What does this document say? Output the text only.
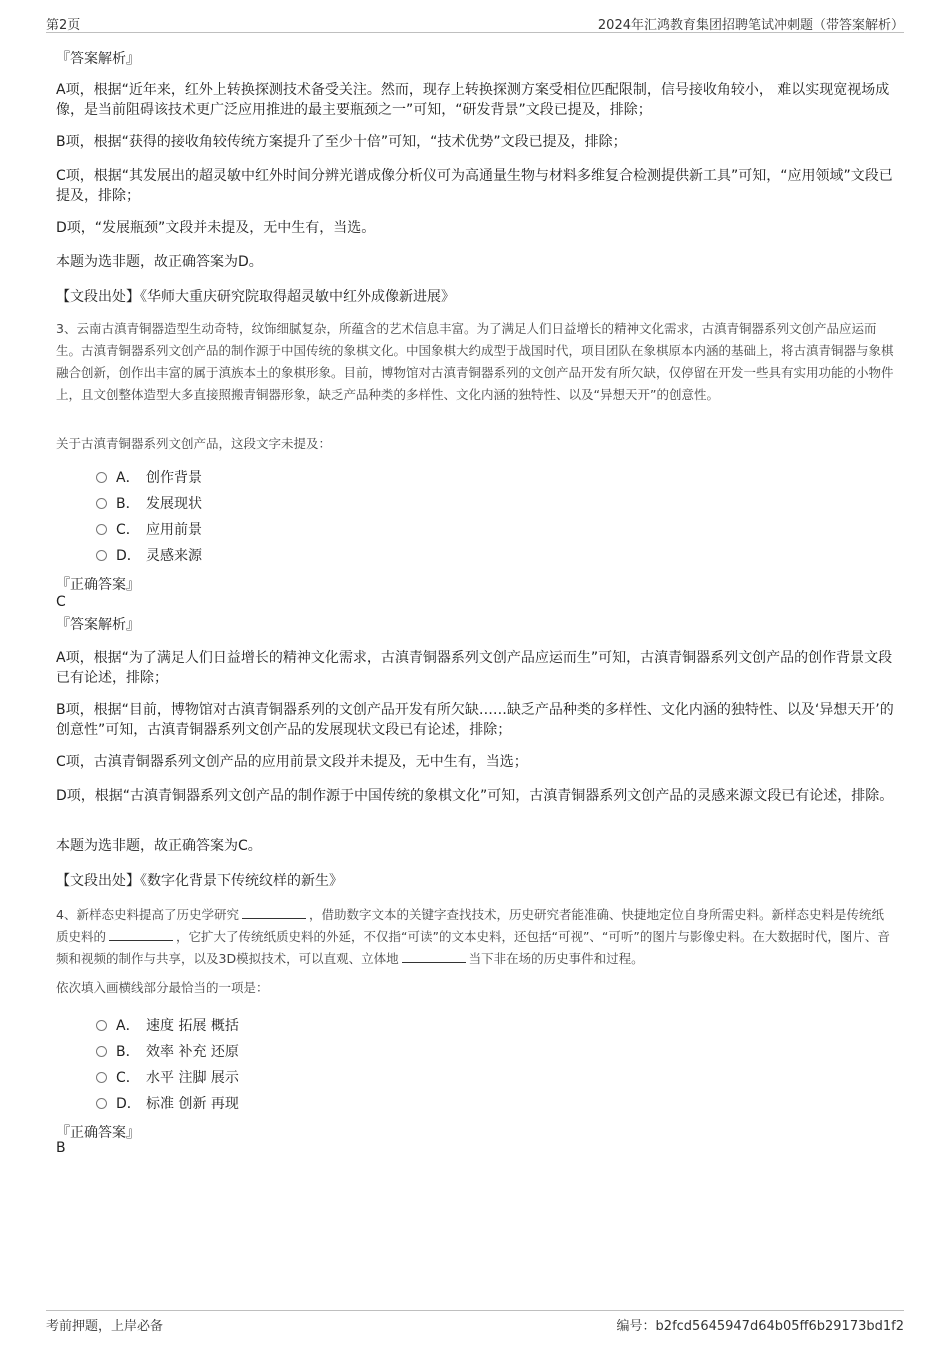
第2页	2024年汇鸿教育集团招聘笔试冲刺题（带答案解析）
『答案解析』
A项，根据“近年来，红外上转换探测技术备受关注。然而，现存上转换探测方案受相位匹配限制，信号接收角较小， 难以实现宽视场成像，是当前阻碍该技术更广泛应用推进的最主要瓶颈之一”可知，“研发背景”文段已提及，排除；
B项，根据“获得的接收角较传统方案提升了至少十倍”可知，“技术优势”文段已提及，排除；
C项，根据“其发展出的超灵敏中红外时间分辨光谱成像分析仪可为高通量生物与材料多维复合检测提供新工具”可知，“应用领域”文段已提及，排除；
D项，“发展瓶颈”文段并未提及，无中生有，当选。
本题为选非题，故正确答案为D。
【文段出处】《华师大重庆研究院取得超灵敏中红外成像新进展》
3、云南古滇青铜器造型生动奇特，纹饰细腻复杂，所蕴含的艺术信息丰富。为了满足人们日益增长的精神文化需求，古滇青铜器系列文创产品应运而生。古滇青铜器系列文创产品的制作源于中国传统的象棋文化。中国象棋大约成型于战国时代，项目团队在象棋原本内涵的基础上，将古滇青铜器与象棋融合创新，创作出丰富的属于滇族本土的象棋形象。目前，博物馆对古滇青铜器系列的文创产品开发有所欠缺，仅停留在开发一些具有实用功能的小物件上，且文创整体造型大多直接照搬青铜器形象，缺乏产品种类的多样性、文化内涵的独特性、以及“异想天开”的创意性。
关于古滇青铜器系列文创产品，这段文字未提及：
A． 创作背景
B． 发展现状
C． 应用前景
D． 灵感来源
『正确答案』
C
『答案解析』
A项，根据“为了满足人们日益增长的精神文化需求，古滇青铜器系列文创产品应运而生”可知，古滇青铜器系列文创产品的创作背景文段已有论述，排除；
B项，根据“目前，博物馆对古滇青铜器系列的文创产品开发有所欠缺……缺乏产品种类的多样性、文化内涵的独特性、以及‘异想天开’的创意性”可知，古滇青铜器系列文创产品的发展现状文段已有论述，排除；
C项，古滇青铜器系列文创产品的应用前景文段并未提及，无中生有，当选；
D项，根据“古滇青铜器系列文创产品的制作源于中国传统的象棋文化”可知，古滇青铜器系列文创产品的灵感来源文段已有论述，排除。
本题为选非题，故正确答案为C。
【文段出处】《数字化背景下传统纹样的新生》
4、新样态史料提高了历史学研究	，借助数字文本的关键字查找技术，历史研究者能准确、快捷地定位自身所需史料。新样态史料是传统纸质史料的	，它扩大了传统纸质史料的外延，不仅指“可读”的文本史料，还包括“可视”、“可听”的图片与影像史料。在大数据时代，图片、音频和视频的制作与共享，以及3D模拟技术，可以直观、立体地	当下非在场的历史事件和过程。
依次填入画横线部分最恰当的一项是：
A． 速度 拓展 概括
B． 效率 补充 还原
C． 水平 注脚 展示
D． 标准 创新 再现
『正确答案』
B
考前押题，上岸必备	编号：b2fcd5645947d64b05ff6b29173bd1f2
